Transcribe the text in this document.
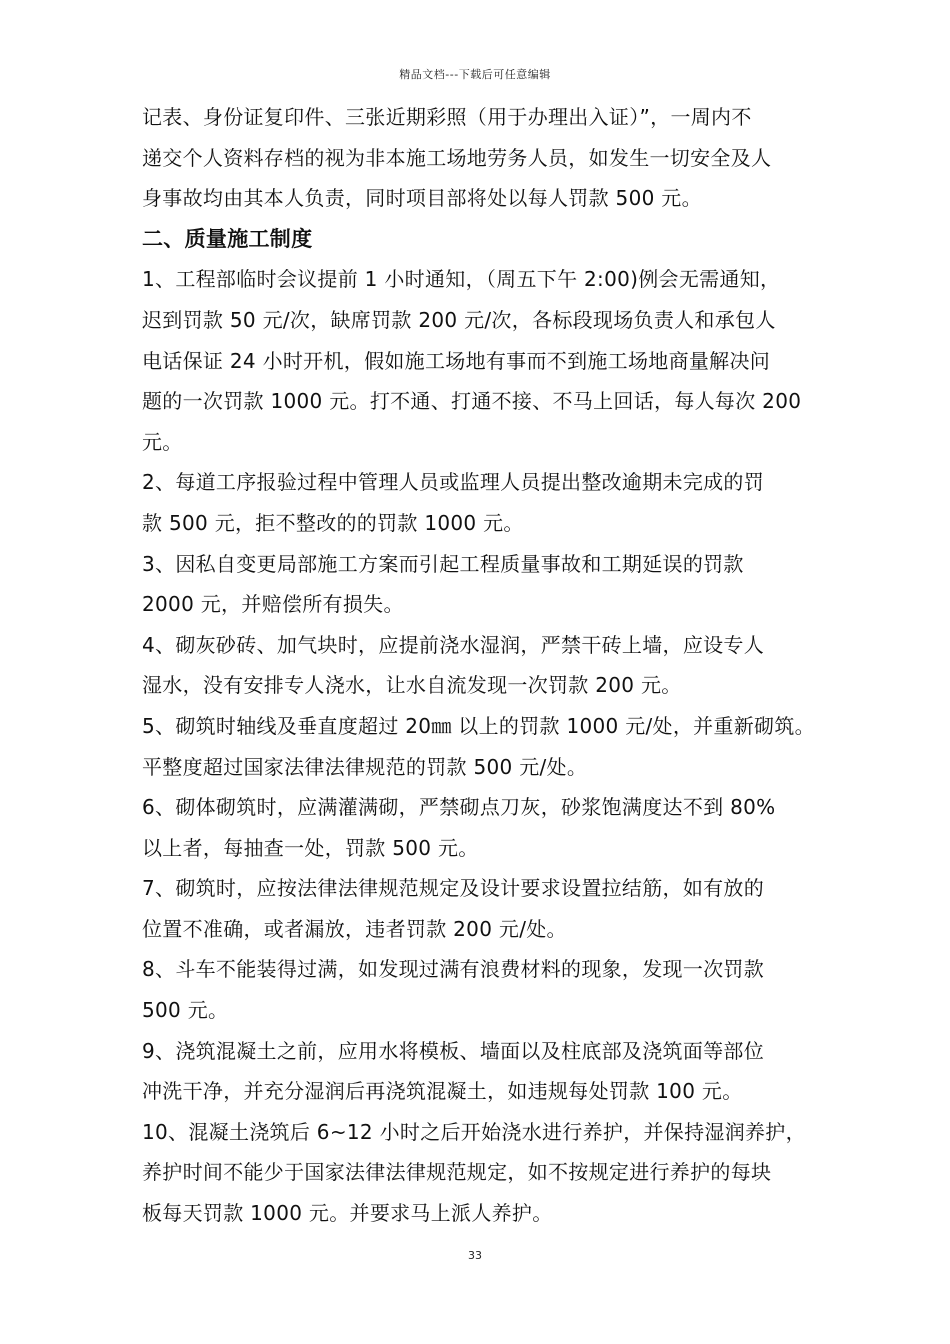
精品文档---下载后可任意编辑
记表、身份证复印件、三张近期彩照（用于办理出入证）”，一周内不
递交个人资料存档的视为非本施工场地劳务人员，如发生一切安全及人
身事故均由其本人负责，同时项目部将处以每人罚款 500 元。
二、质量施工制度
1、工程部临时会议提前 1 小时通知，（周五下午 2:00)例会无需通知，
迟到罚款 50 元/次，缺席罚款 200 元/次，各标段现场负责人和承包人
电话保证 24 小时开机，假如施工场地有事而不到施工场地商量解决问
题的一次罚款 1000 元。打不通、打通不接、不马上回话，每人每次 200
元。
2、每道工序报验过程中管理人员或监理人员提出整改逾期未完成的罚
款 500 元，拒不整改的的罚款 1000 元。
3、因私自变更局部施工方案而引起工程质量事故和工期延误的罚款
2000 元，并赔偿所有损失。
4、砌灰砂砖、加气块时，应提前浇水湿润，严禁干砖上墙，应设专人
湿水，没有安排专人浇水，让水自流发现一次罚款 200 元。
5、砌筑时轴线及垂直度超过 20㎜ 以上的罚款 1000 元/处，并重新砌筑。
平整度超过国家法律法律规范的罚款 500 元/处。
6、砌体砌筑时，应满灌满砌，严禁砌点刀灰，砂浆饱满度达不到 80%
以上者，每抽查一处，罚款 500 元。
7、砌筑时，应按法律法律规范规定及设计要求设置拉结筋，如有放的
位置不准确，或者漏放，违者罚款 200 元/处。
8、斗车不能装得过满，如发现过满有浪费材料的现象，发现一次罚款
500 元。
9、浇筑混凝土之前，应用水将模板、墙面以及柱底部及浇筑面等部位
冲洗干净，并充分湿润后再浇筑混凝土，如违规每处罚款 100 元。
10、混凝土浇筑后 6~12 小时之后开始浇水进行养护，并保持湿润养护，
养护时间不能少于国家法律法律规范规定，如不按规定进行养护的每块
板每天罚款 1000 元。并要求马上派人养护。
33
